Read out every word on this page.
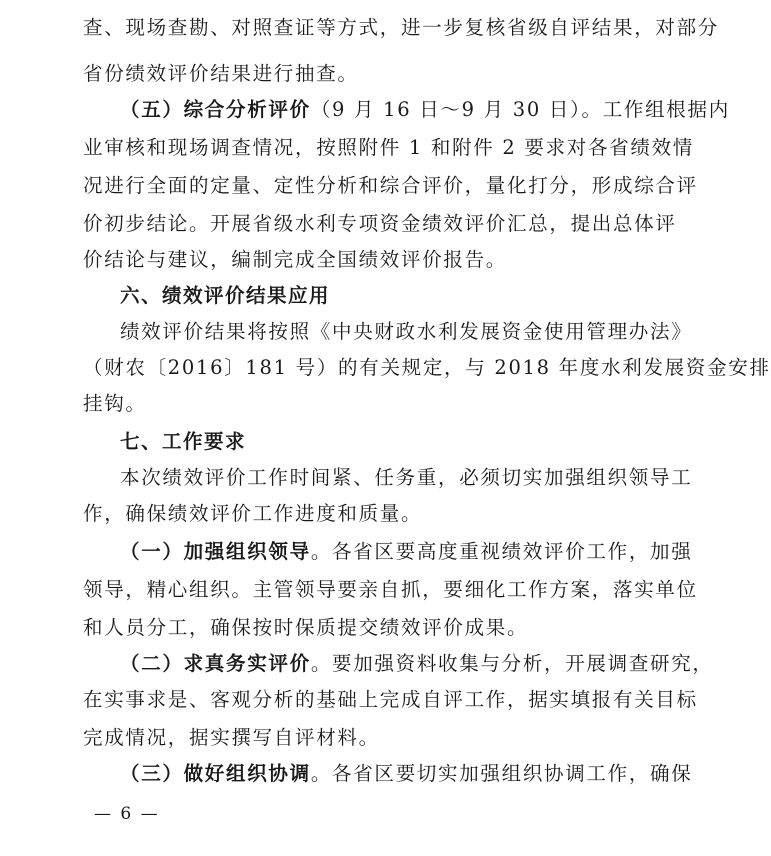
查、现场查勘、对照查证等方式，进一步复核省级自评结果，对部分
省份绩效评价结果进行抽查。
（五）综合分析评价（9 月 16 日～9 月 30 日）。工作组根据内
业审核和现场调查情况，按照附件 1 和附件 2 要求对各省绩效情
况进行全面的定量、定性分析和综合评价，量化打分，形成综合评
价初步结论。开展省级水利专项资金绩效评价汇总，提出总体评
价结论与建议，编制完成全国绩效评价报告。
六、绩效评价结果应用
绩效评价结果将按照《中央财政水利发展资金使用管理办法》
（财农〔2016〕181 号）的有关规定，与 2018 年度水利发展资金安排
挂钩。
七、工作要求
本次绩效评价工作时间紧、任务重，必须切实加强组织领导工
作，确保绩效评价工作进度和质量。
（一）加强组织领导。各省区要高度重视绩效评价工作，加强
领导，精心组织。主管领导要亲自抓，要细化工作方案，落实单位
和人员分工，确保按时保质提交绩效评价成果。
（二）求真务实评价。要加强资料收集与分析，开展调查研究，
在实事求是、客观分析的基础上完成自评工作，据实填报有关目标
完成情况，据实撰写自评材料。
（三）做好组织协调。各省区要切实加强组织协调工作，确保
— 6 —
